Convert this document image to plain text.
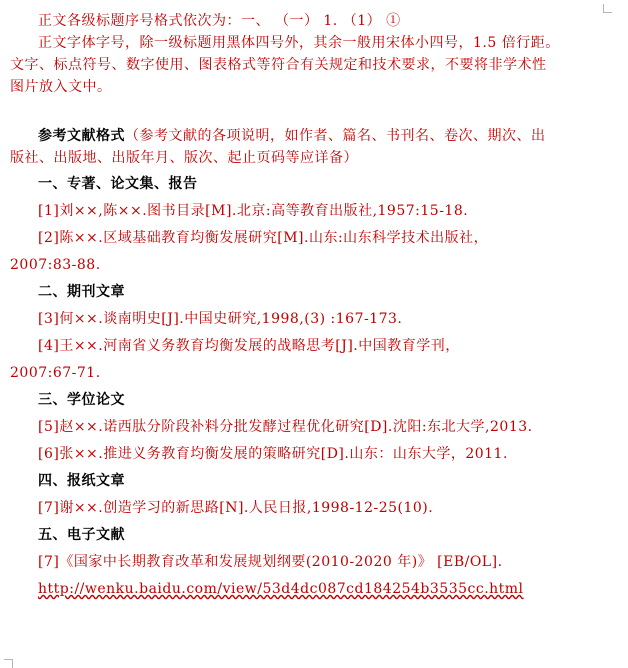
正文各级标题序号格式依次为：一、 （一） 1. （1） ①
正文字体字号，除一级标题用黑体四号外，其余一般用宋体小四号，1.5 倍行距。
文字、标点符号、数字使用、图表格式等符合有关规定和技术要求，不要将非学术性
图片放入文中。
参考文献格式（参考文献的各项说明，如作者、篇名、书刊名、卷次、期次、出
版社、出版地、出版年月、版次、起止页码等应详备）
一、专著、论文集、报告
[1]刘××,陈××.图书目录[M].北京:高等教育出版社,1957:15-18.
[2]陈××.区域基础教育均衡发展研究[M].山东:山东科学技术出版社，
2007:83-88.
二、期刊文章
[3]何××.谈南明史[J].中国史研究,1998,(3) :167-173.
[4]王××.河南省义务教育均衡发展的战略思考[J].中国教育学刊，
2007:67-71.
三、学位论文
[5]赵××.诺西肽分阶段补料分批发酵过程优化研究[D].沈阳:东北大学,2013.
[6]张××.推进义务教育均衡发展的策略研究[D].山东：山东大学，2011.
四、报纸文章
[7]谢××.创造学习的新思路[N].人民日报,1998-12-25(10).
五、电子文献
[7]《国家中长期教育改革和发展规划纲要(2010-2020 年)》 [EB/OL].
http://wenku.baidu.com/view/53d4dc087cd184254b3535cc.html
